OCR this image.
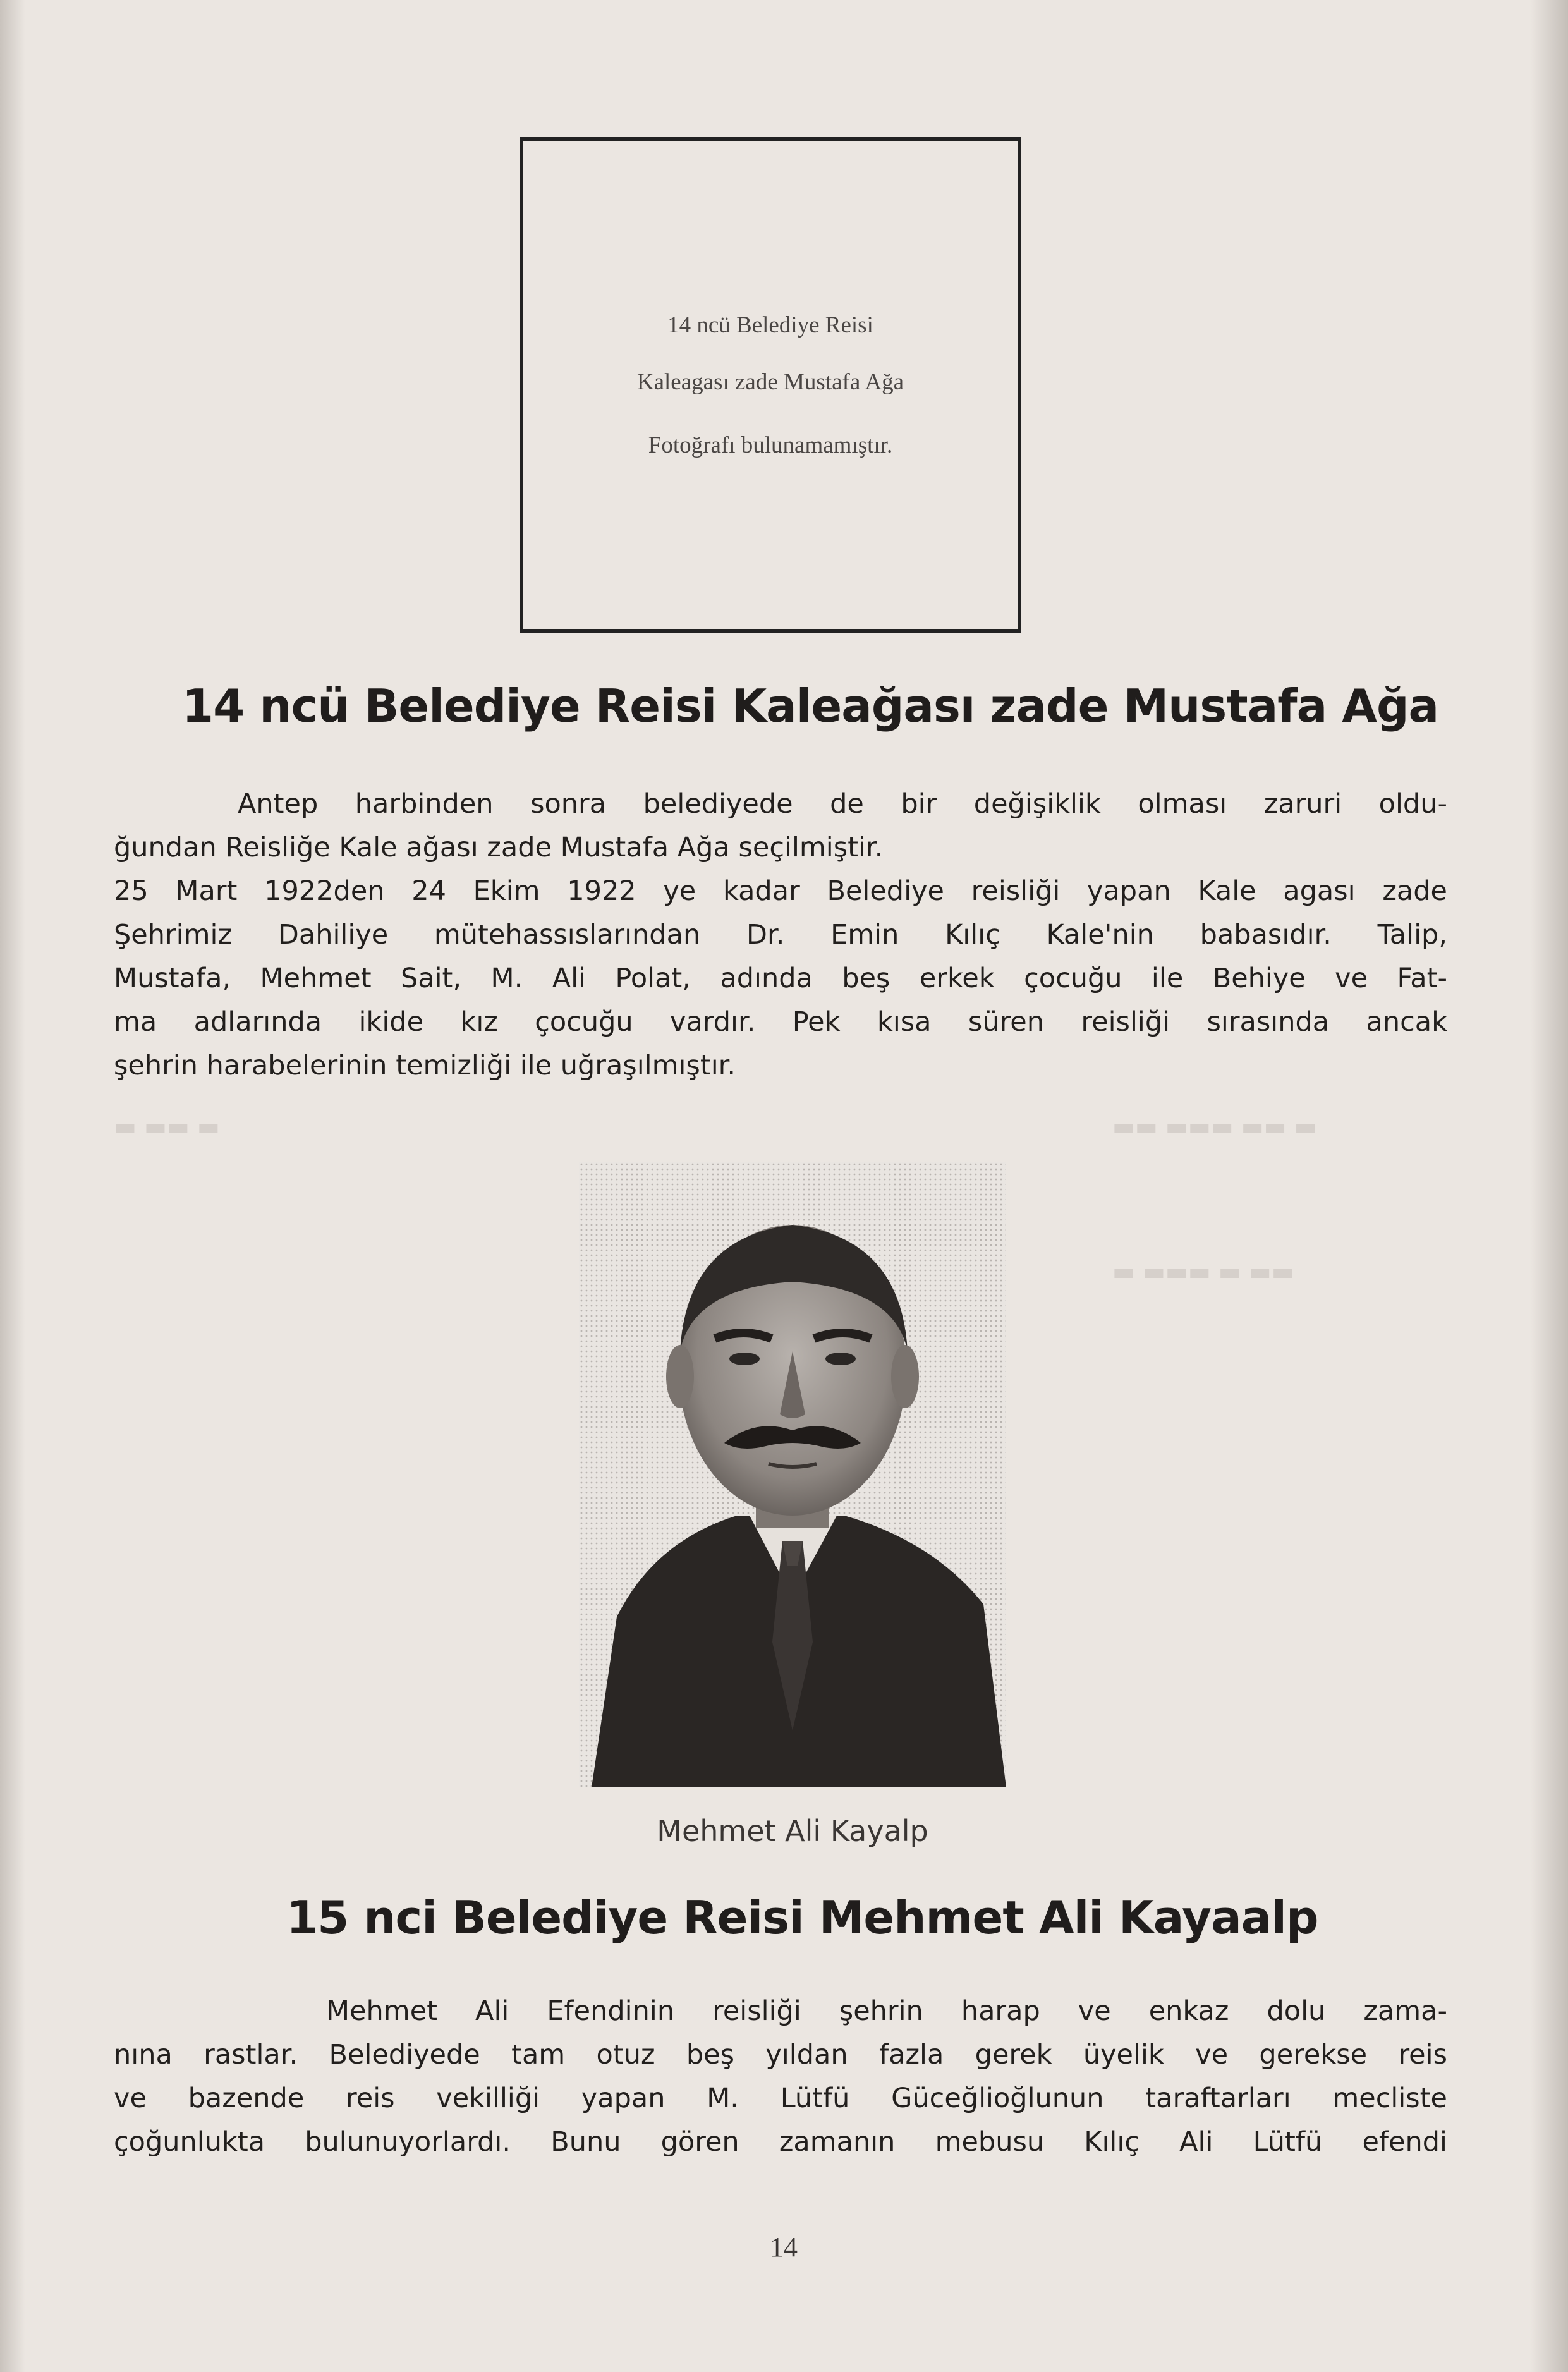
▬ ▬▬ ▬▬▬ ▬▬
▬▬ ▬ ▬▬▬ ▬
▬ ▬▬ ▬
14 ncü Belediye Reisi
Kaleagası zade Mustafa Ağa
Fotoğrafı bulunamamıştır.
14 ncü Belediye Reisi Kaleağası zade Mustafa Ağa
Antep harbinden sonra belediyede de bir değişiklik olması zaruri oldu-
ğundan Reisliğe Kale ağası zade Mustafa Ağa seçilmiştir.
25 Mart 1922den 24 Ekim 1922 ye kadar Belediye reisliği yapan Kale agası zade
Şehrimiz Dahiliye mütehassıslarından Dr. Emin Kılıç Kale'nin babasıdır. Talip,
Mustafa, Mehmet Sait, M. Ali Polat, adında beş erkek çocuğu ile Behiye ve Fat-
ma adlarında ikide kız çocuğu vardır. Pek kısa süren reisliği sırasında ancak
şehrin harabelerinin temizliği ile uğraşılmıştır.
Mehmet Ali Kayalp
15 nci Belediye Reisi Mehmet Ali Kayaalp
Mehmet Ali Efendinin reisliği şehrin harap ve enkaz dolu zama-
nına rastlar. Belediyede tam otuz beş yıldan fazla gerek üyelik ve gerekse reis
ve bazende reis vekilliği yapan M. Lütfü Güceğlioğlunun taraftarları mecliste
çoğunlukta bulunuyorlardı. Bunu gören zamanın mebusu Kılıç Ali Lütfü efendi
14
